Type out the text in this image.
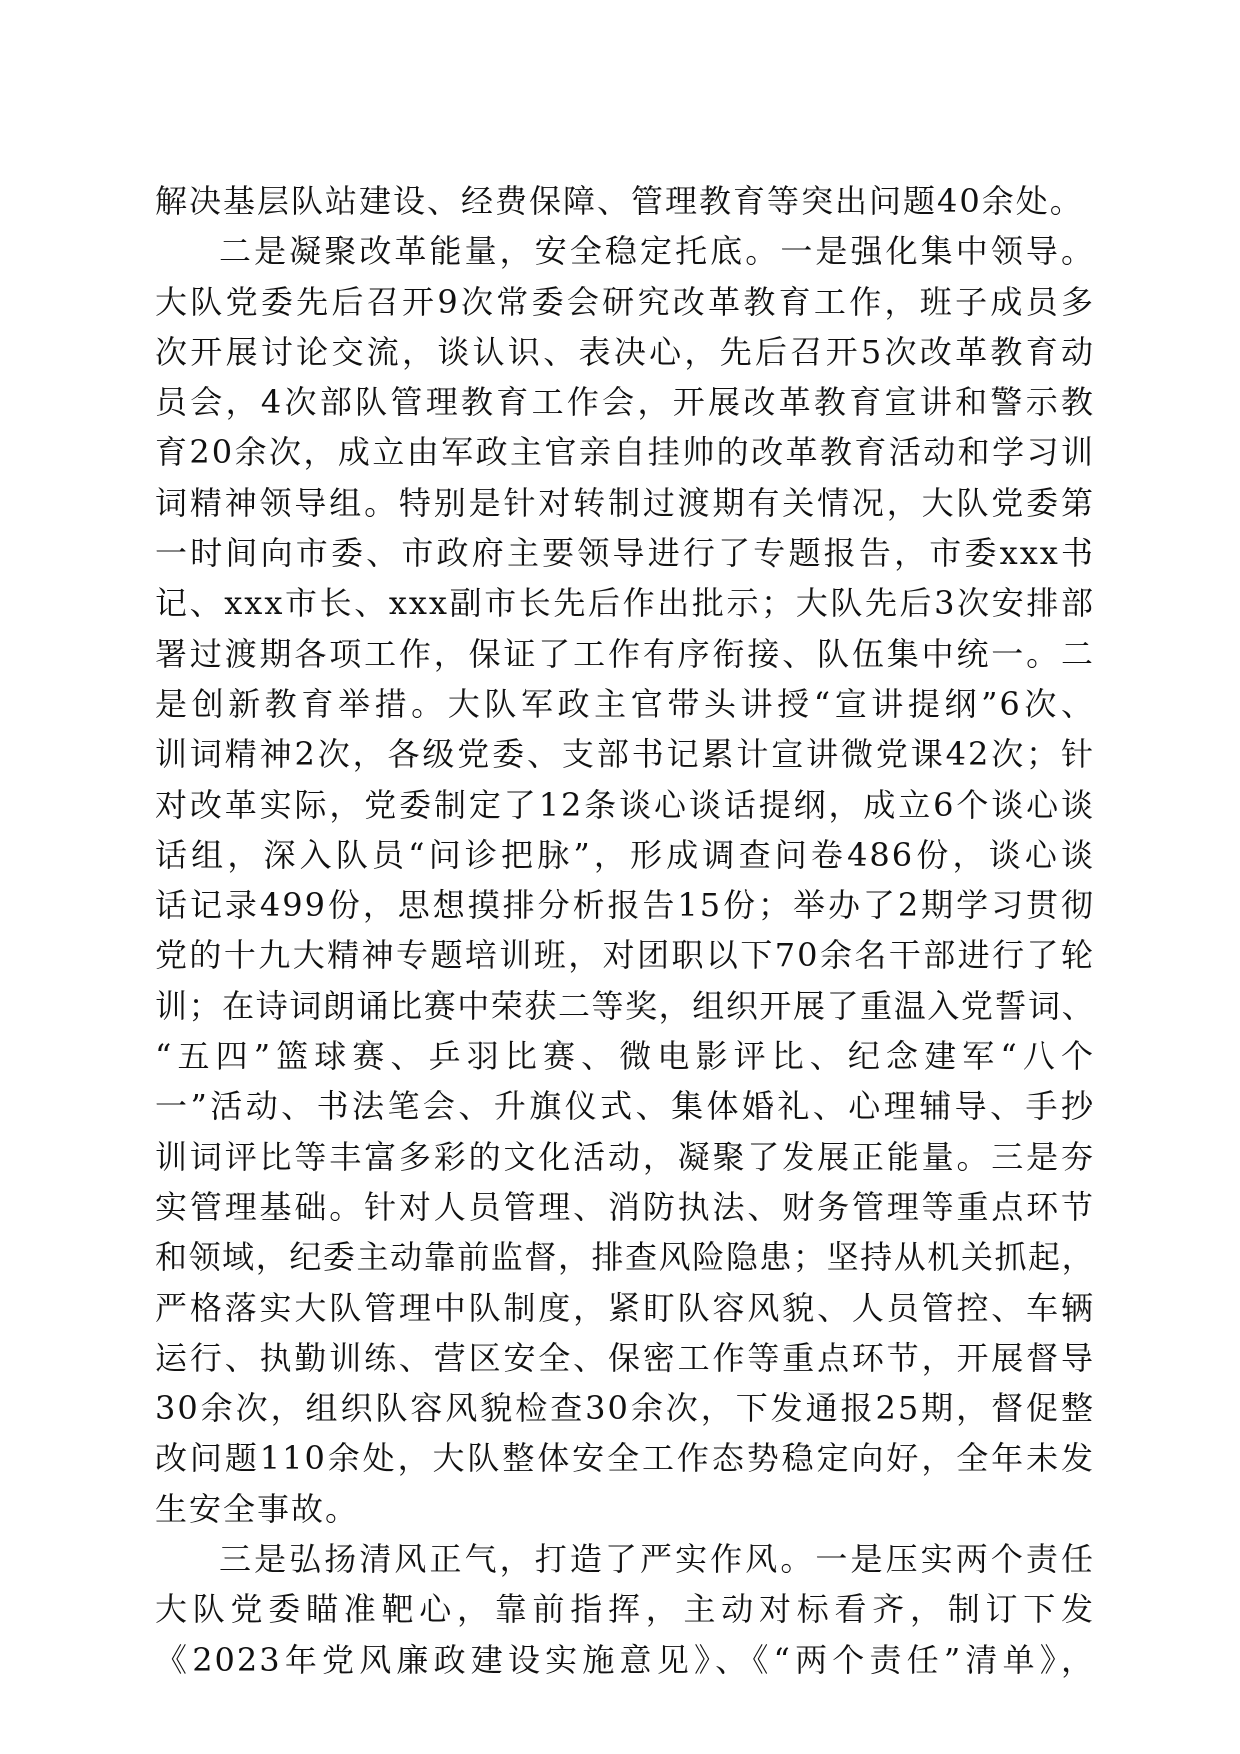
解决基层队站建设、经费保障、管理教育等突出问题40余处。
二是凝聚改革能量，安全稳定托底。一是强化集中领导。
大队党委先后召开9次常委会研究改革教育工作，班子成员多
次开展讨论交流，谈认识、表决心，先后召开5次改革教育动
员会，4次部队管理教育工作会，开展改革教育宣讲和警示教
育20余次，成立由军政主官亲自挂帅的改革教育活动和学习训
词精神领导组。特别是针对转制过渡期有关情况，大队党委第
一时间向市委、市政府主要领导进行了专题报告，市委xxx书
记、xxx市长、xxx副市长先后作出批示；大队先后3次安排部
署过渡期各项工作，保证了工作有序衔接、队伍集中统一。二
是创新教育举措。大队军政主官带头讲授“宣讲提纲”6次、
训词精神2次，各级党委、支部书记累计宣讲微党课42次；针
对改革实际，党委制定了12条谈心谈话提纲，成立6个谈心谈
话组，深入队员“问诊把脉”，形成调查问卷486份，谈心谈
话记录499份，思想摸排分析报告15份；举办了2期学习贯彻
党的十九大精神专题培训班，对团职以下70余名干部进行了轮
训；在诗词朗诵比赛中荣获二等奖，组织开展了重温入党誓词、
“五四”篮球赛、乒羽比赛、微电影评比、纪念建军“八个
一”活动、书法笔会、升旗仪式、集体婚礼、心理辅导、手抄
训词评比等丰富多彩的文化活动，凝聚了发展正能量。三是夯
实管理基础。针对人员管理、消防执法、财务管理等重点环节
和领域，纪委主动靠前监督，排查风险隐患；坚持从机关抓起，
严格落实大队管理中队制度，紧盯队容风貌、人员管控、车辆
运行、执勤训练、营区安全、保密工作等重点环节，开展督导
30余次，组织队容风貌检查30余次，下发通报25期，督促整
改问题110余处，大队整体安全工作态势稳定向好，全年未发
生安全事故。
三是弘扬清风正气，打造了严实作风。一是压实两个责任
大队党委瞄准靶心，靠前指挥，主动对标看齐，制订下发
《2023年党风廉政建设实施意见》、《“两个责任”清单》，
